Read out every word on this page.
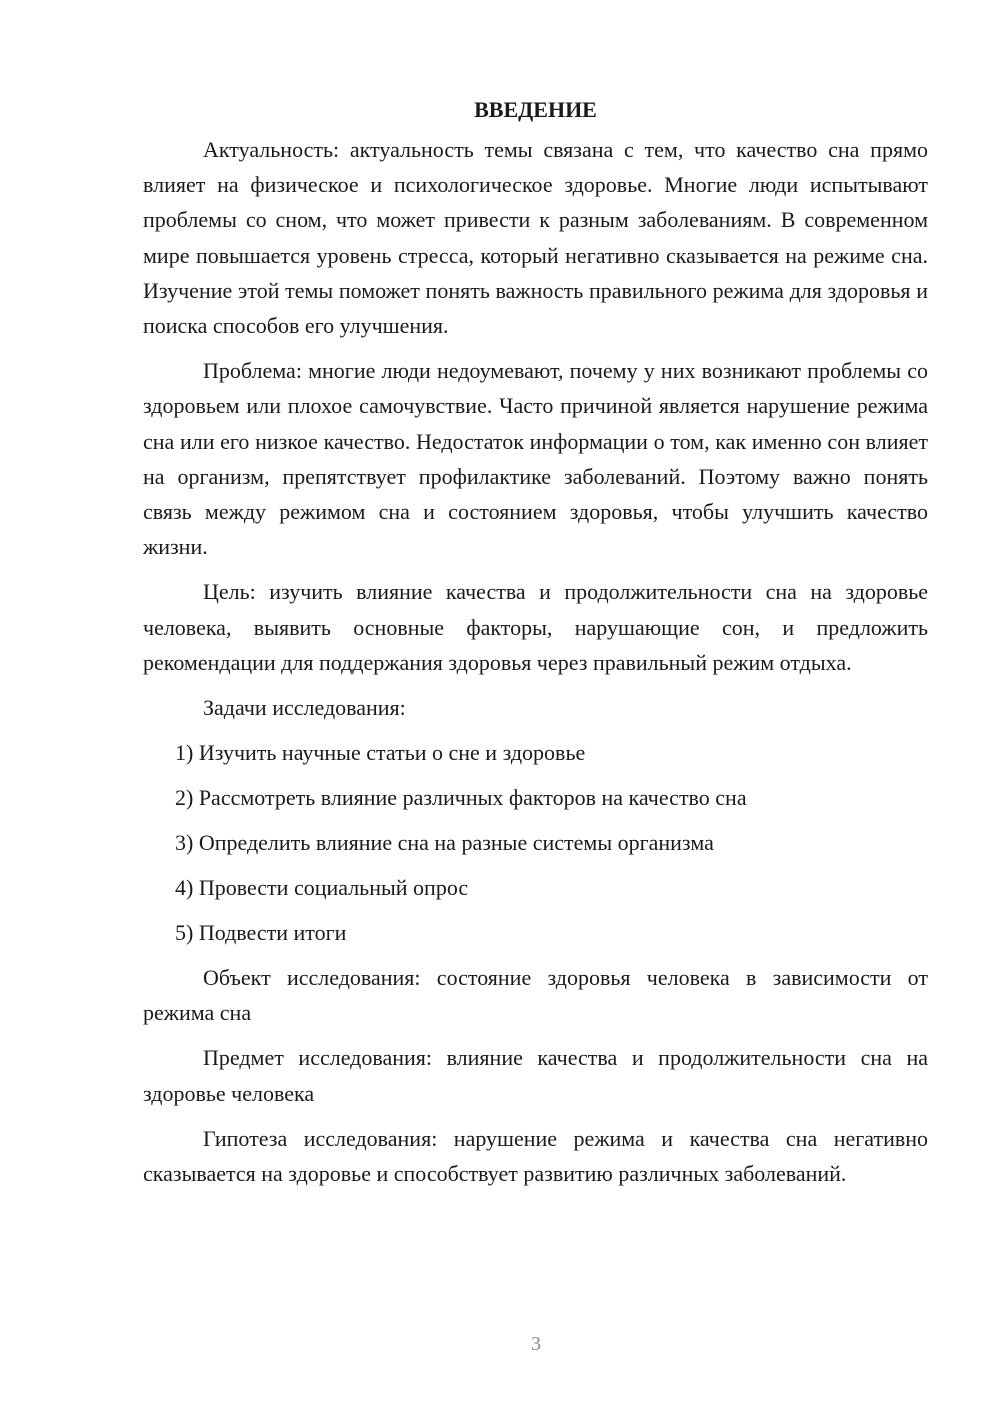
ВВЕДЕНИЕ

Актуальность: актуальность темы связана с тем, что качество сна прямо влияет на физическое и психологическое здоровье. Многие люди испытывают проблемы со сном, что может привести к разным заболеваниям. В современном мире повышается уровень стресса, который негативно сказывается на режиме сна. Изучение этой темы поможет понять важность правильного режима для здоровья и поиска способов его улучшения.

Проблема: многие люди недоумевают, почему у них возникают проблемы со здоровьем или плохое самочувствие. Часто причиной является нарушение режима сна или его низкое качество. Недостаток информации о том, как именно сон влияет на организм, препятствует профилактике заболеваний. Поэтому важно понять связь между режимом сна и состоянием здоровья, чтобы улучшить качество жизни.

Цель: изучить влияние качества и продолжительности сна на здоровье человека, выявить основные факторы, нарушающие сон, и предложить рекомендации для поддержания здоровья через правильный режим отдыха.

Задачи исследования:

1) Изучить научные статьи о сне и здоровье

2) Рассмотреть влияние различных факторов на качество сна

3) Определить влияние сна на разные системы организма

4) Провести социальный опрос

5) Подвести итоги

Объект исследования: состояние здоровья человека в зависимости от режима сна

Предмет исследования: влияние качества и продолжительности сна на здоровье человека

Гипотеза исследования: нарушение режима и качества сна негативно сказывается на здоровье и способствует развитию различных заболеваний.

3
